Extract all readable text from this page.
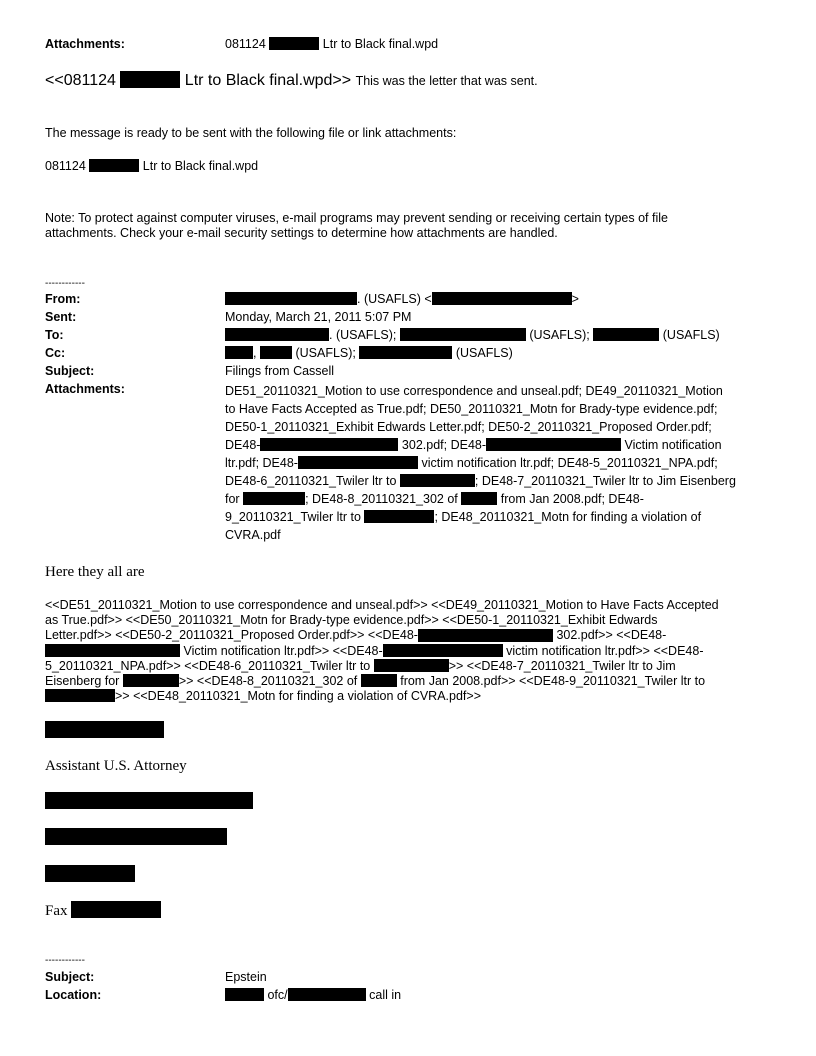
Attachments:	081124	Ltr to Black final.wpd
<<081124	Ltr to Black final.wpd>> This was the letter that was sent.
The message is ready to be sent with the following file or link attachments:
081124	Ltr to Black final.wpd
Note: To protect against computer viruses, e-mail programs may prevent sending or receiving certain types of file
attachments. Check your e-mail security settings to determine how attachments are handled.
------------
From:	. (USAFLS) <	>
Sent:	Monday, March 21, 2011 5:07 PM
To:	. (USAFLS);	(USAFLS);	(USAFLS)
Cc:	,	(USAFLS);	(USAFLS)
Subject:	Filings from Cassell
Attachments:	DE51_20110321_Motion to use correspondence and unseal.pdf; DE49_20110321_Motion
to Have Facts Accepted as True.pdf; DE50_20110321_Motn for Brady-type evidence.pdf;
DE50-1_20110321_Exhibit Edwards Letter.pdf; DE50-2_20110321_Proposed Order.pdf;
DE48-	302.pdf; DE48-	Victim notification
ltr.pdf; DE48-	victim notification ltr.pdf; DE48-5_20110321_NPA.pdf;
DE48-6_20110321_Twiler ltr to	; DE48-7_20110321_Twiler ltr to Jim Eisenberg
for	; DE48-8_20110321_302 of	from Jan 2008.pdf; DE48-
9_20110321_Twiler ltr to	; DE48_20110321_Motn for finding a violation of
CVRA.pdf
Here they all are
<<DE51_20110321_Motion to use correspondence and unseal.pdf>> <<DE49_20110321_Motion to Have Facts Accepted
as True.pdf>> <<DE50_20110321_Motn for Brady-type evidence.pdf>> <<DE50-1_20110321_Exhibit Edwards
Letter.pdf>> <<DE50-2_20110321_Proposed Order.pdf>> <<DE48-	302.pdf>> <<DE48-
Victim notification ltr.pdf>> <<DE48-	victim notification ltr.pdf>> <<DE48-
5_20110321_NPA.pdf>> <<DE48-6_20110321_Twiler ltr to	>> <<DE48-7_20110321_Twiler ltr to Jim
Eisenberg for	>> <<DE48-8_20110321_302 of	from Jan 2008.pdf>> <<DE48-9_20110321_Twiler ltr to
>> <<DE48_20110321_Motn for finding a violation of CVRA.pdf>>
Assistant U.S. Attorney
Fax
------------
Subject:	Epstein
Location:	ofc/	call in
